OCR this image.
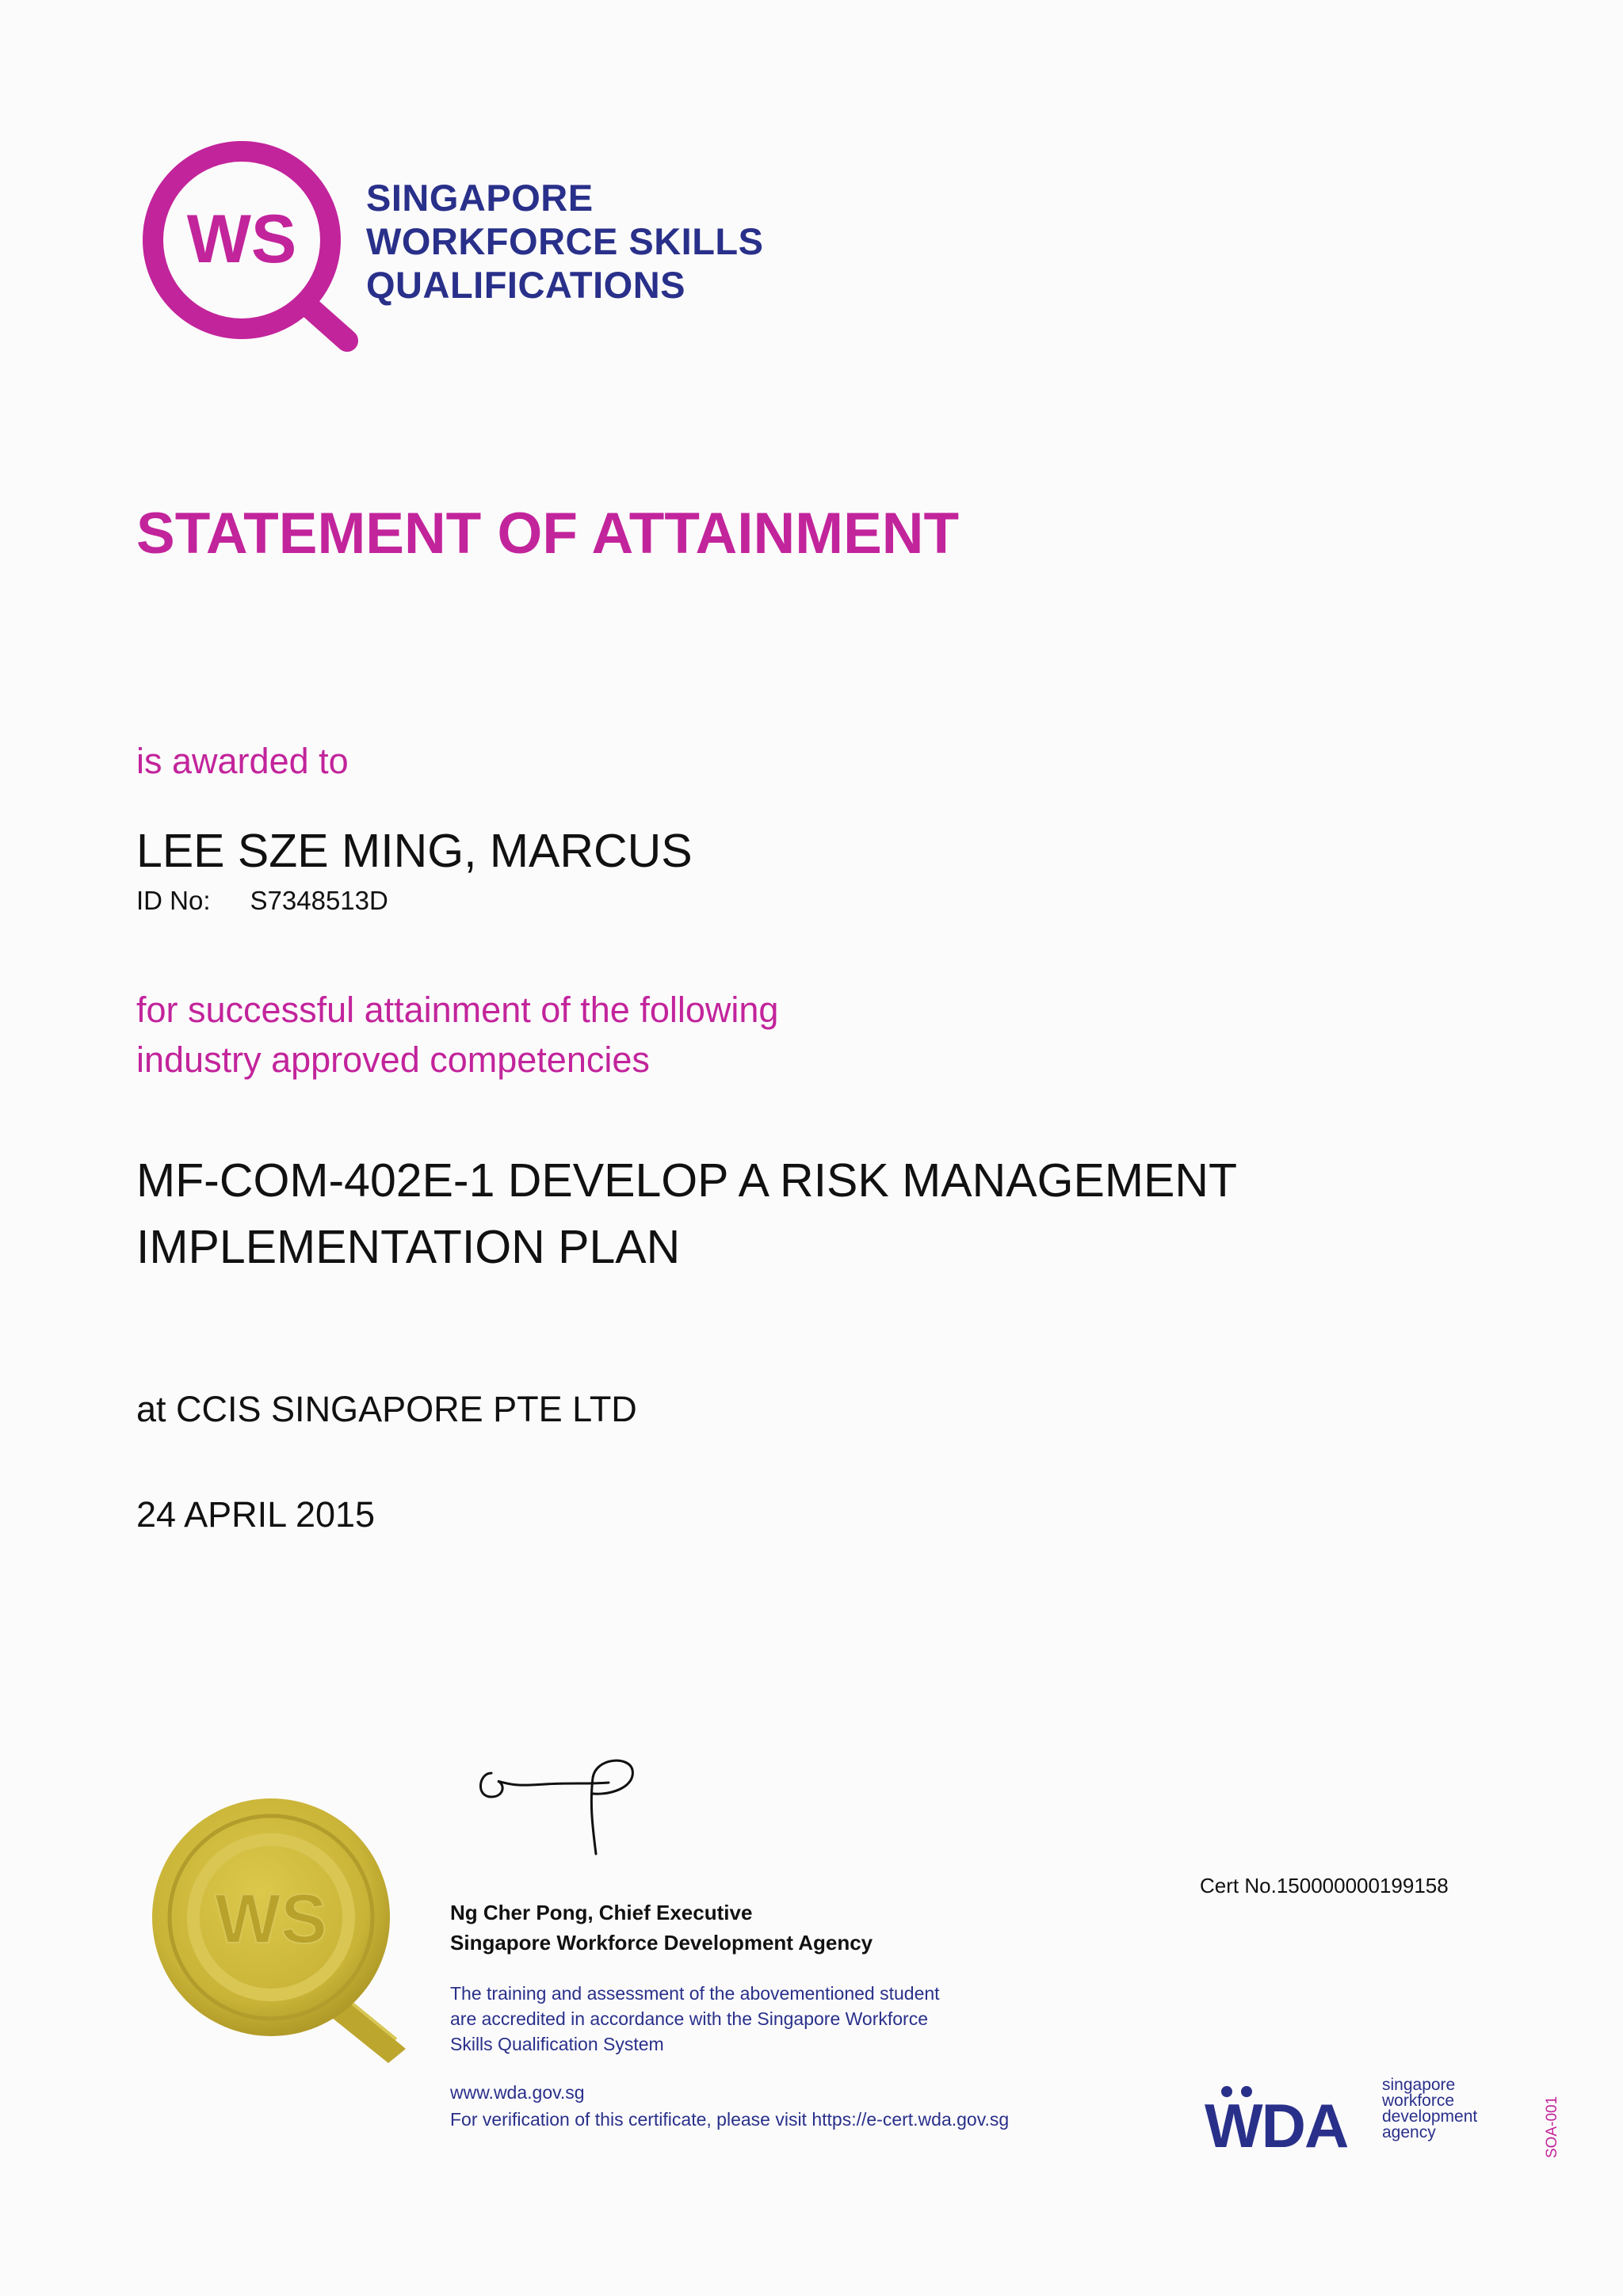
WS
SINGAPORE
WORKFORCE SKILLS
QUALIFICATIONS
STATEMENT OF ATTAINMENT
is awarded to
LEE SZE MING, MARCUS
ID No: S7348513D
for successful attainment of the following
industry approved competencies
MF-COM-402E-1 DEVELOP A RISK MANAGEMENT
IMPLEMENTATION PLAN
at CCIS SINGAPORE PTE LTD
24 APRIL 2015
WS	Ng Cher Pong, Chief Executive
Singapore Workforce Development Agency
The training and assessment of the abovementioned student
are accredited in accordance with the Singapore Workforce
Skills Qualification System
www.wda.gov.sg
For verification of this certificate, please visit https://e-cert.wda.gov.sg
Cert No.150000000199158
WDA
singapore
workforce
development
agency	SOA-001
